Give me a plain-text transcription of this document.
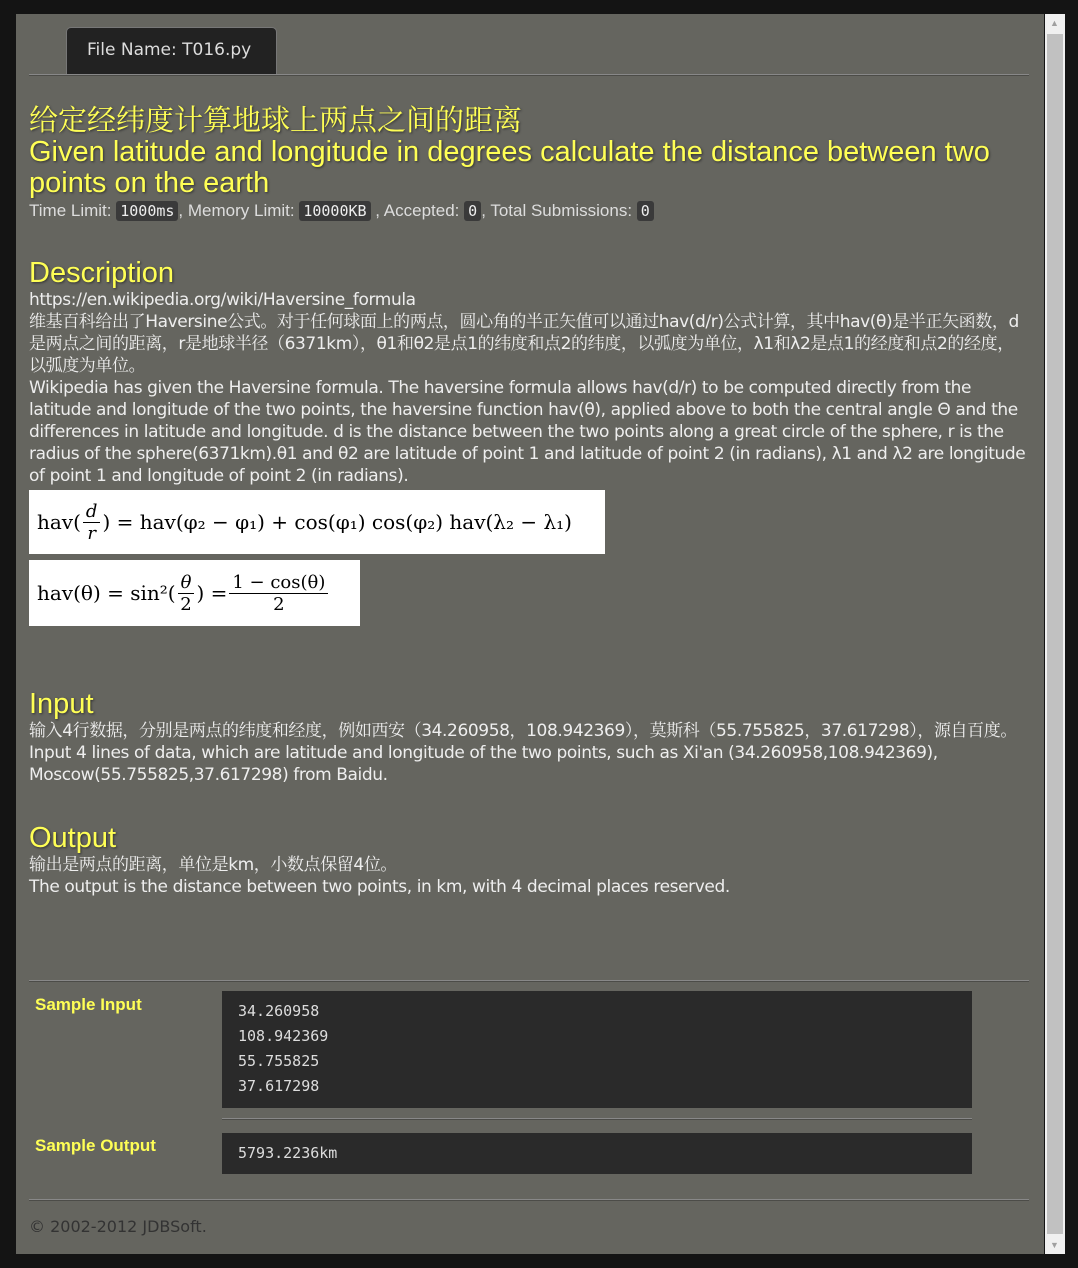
File Name: T016.py
给定经纬度计算地球上两点之间的距离
Given latitude and longitude in degrees calculate the distance between two points on the earth
Time Limit: 1000ms , Memory Limit: 10000KB , Accepted: 0 , Total Submissions: 0
Description
https://en.wikipedia.org/wiki/Haversine_formula
维基百科给出了Haversine公式。对于任何球面上的两点，圆心角的半正矢值可以通过hav(d/r)公式计算，其中hav(θ)是半正矢函数，d是两点之间的距离，r是地球半径（6371km），θ1和θ2是点1的纬度和点2的纬度，以弧度为单位，λ1和λ2是点1的经度和点2的经度，以弧度为单位。
Wikipedia has given the Haversine formula. The haversine formula allows hav(d/r) to be computed directly from the latitude and longitude of the two points, the haversine function hav(θ), applied above to both the central angle Θ and the differences in latitude and longitude. d is the distance between the two points along a great circle of the sphere, r is the radius of the sphere(6371km).θ1 and θ2 are latitude of point 1 and latitude of point 2 (in radians), λ1 and λ2 are longitude of point 1 and longitude of point 2 (in radians).
$hav( \frac{d}{r}$ ) = hav(φ₂ − φ₁) + cos(φ₁) cos(φ₂) hav(λ₂ − λ₁)

$hav(\theta) = \sin^2( \frac{\theta}{2}$ ) = $\frac{1 - \cos(\theta)}{2}$
Input
输入4行数据，分别是两点的纬度和经度，例如西安（34.260958，108.942369），莫斯科（55.755825，37.617298），源自百度。
Input 4 lines of data, which are latitude and longitude of the two points, such as Xi'an (34.260958,108.942369), Moscow(55.755825,37.617298) from Baidu.
Output
输出是两点的距离，单位是km，小数点保留4位。
The output is the distance between two points, in km, with 4 decimal places reserved.
Sample Input	34.260958
108.942369
55.755825
37.617298
Sample Output	5793.2236km
© 2002-2012 JDBSoft.
▲
▼
